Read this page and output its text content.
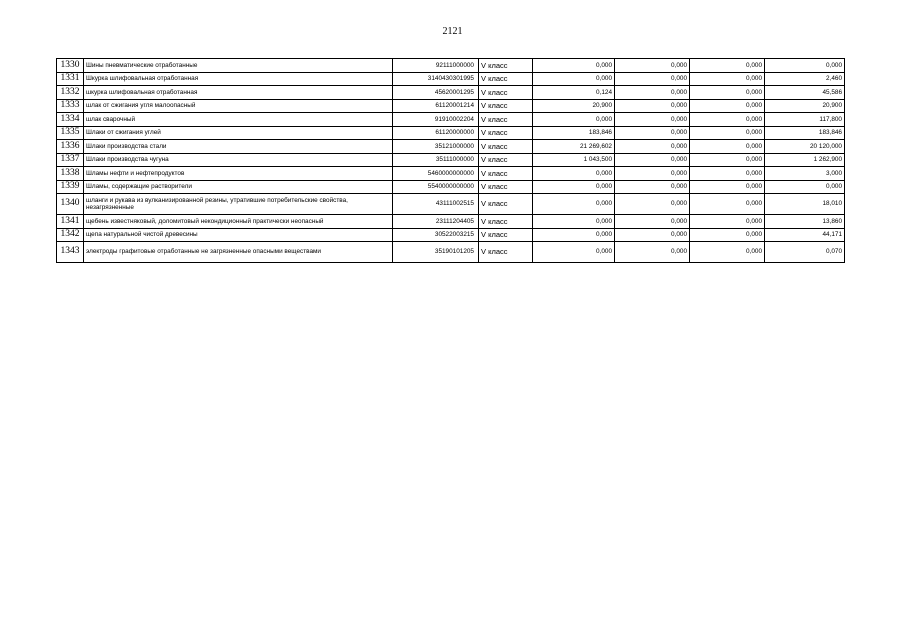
2121
1330	Шины пневматические отработанные	92111000000	V класс	0,000	0,000	0,000	0,000
1331	Шкурка шлифовальная отработанная	3140430301995	V класс	0,000	0,000	0,000	2,460
1332	шкурка шлифовальная отработанная	45620001295	V класс	0,124	0,000	0,000	45,586
1333	шлак от сжигания угля малоопасный	61120001214	V класс	20,900	0,000	0,000	20,900
1334	шлак сварочный	91910002204	V класс	0,000	0,000	0,000	117,800
1335	Шлаки от сжигания углей	61120000000	V класс	183,846	0,000	0,000	183,846
1336	Шлаки производства стали	35121000000	V класс	21 269,602	0,000	0,000	20 120,000
1337	Шлаки производства чугуна	35111000000	V класс	1 043,500	0,000	0,000	1 262,900
1338	Шламы нефти и нефтепродуктов	5460000000000	V класс	0,000	0,000	0,000	3,000
1339	Шламы, содержащие растворители	5540000000000	V класс	0,000	0,000	0,000	0,000
1340	шланги и рукава из вулканизированной резины, утратившие потребительские свойства, незагрязненные	43111002515	V класс	0,000	0,000	0,000	18,010
1341	щебень известняковый, доломитовый некондиционный практически неопасный	23111204405	V класс	0,000	0,000	0,000	13,860
1342	щепа натуральной чистой древесины	30522003215	V класс	0,000	0,000	0,000	44,171
1343	электроды графитовые отработанные не загрязненные опасными веществами	35190101205	V класс	0,000	0,000	0,000	0,070
